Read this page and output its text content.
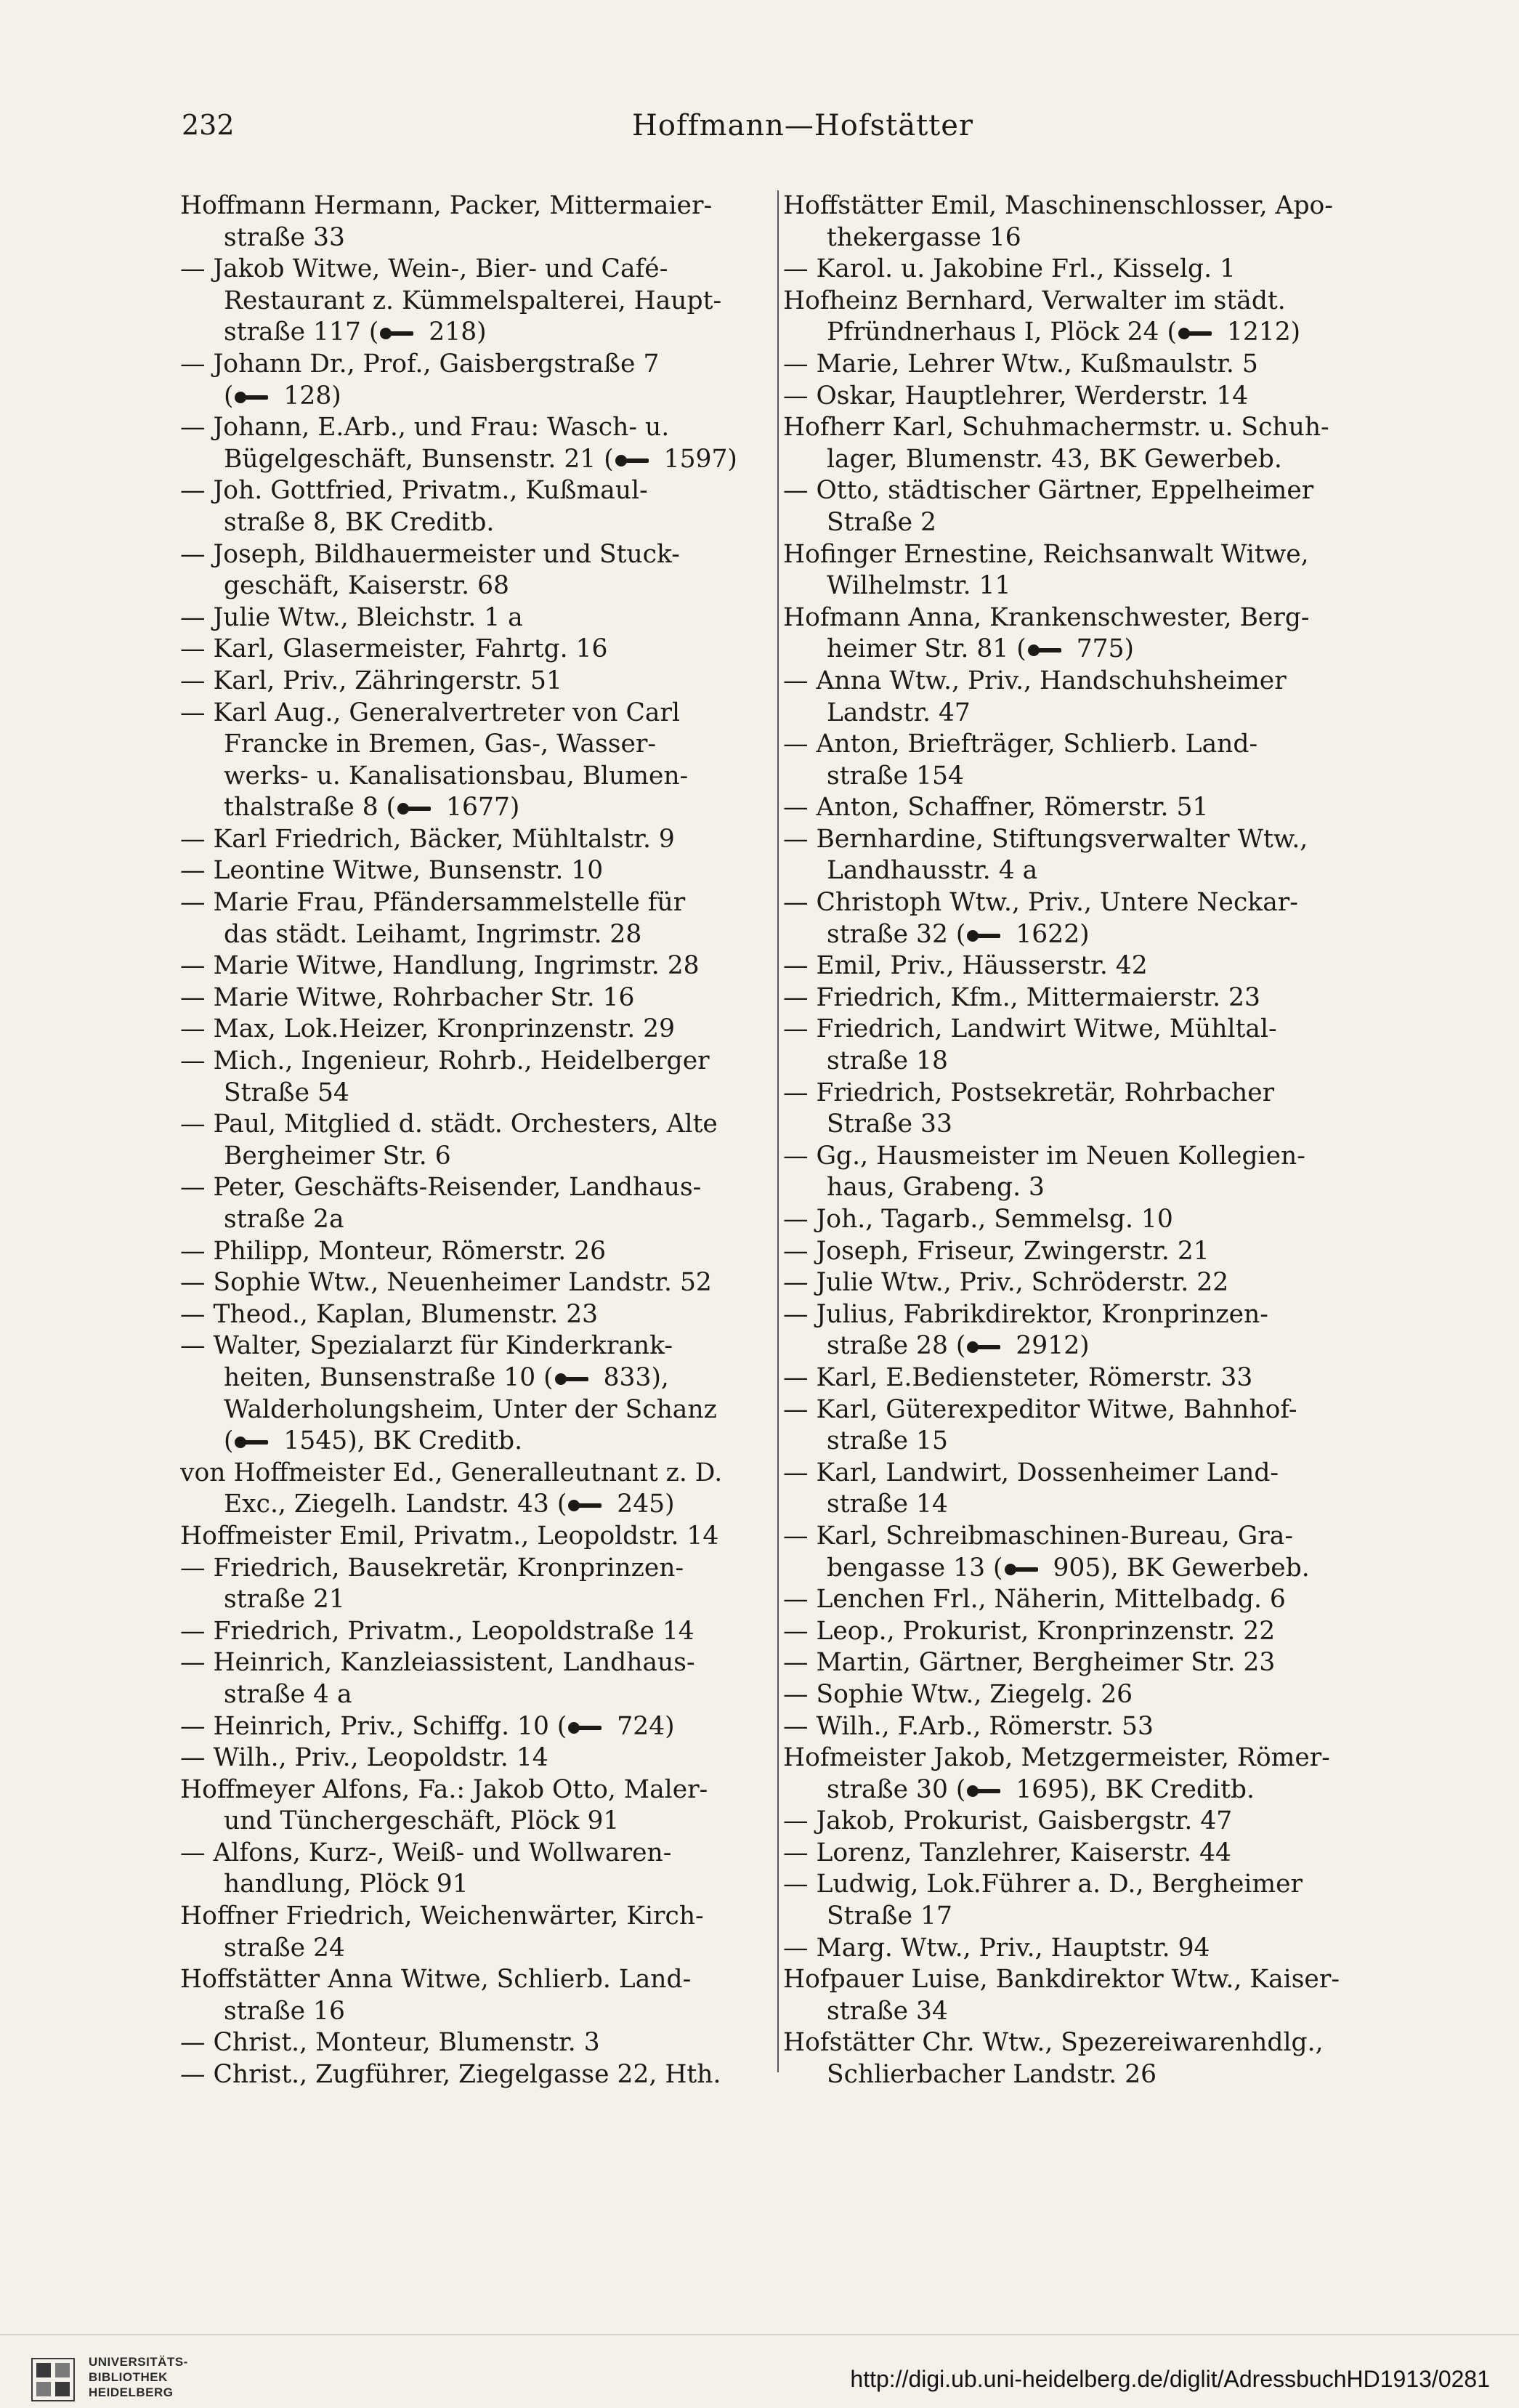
232	Hoffmann—Hofstätter
Hoffmann Hermann, Packer, Mittermaier-
straße 33
— Jakob Witwe, Wein-, Bier- und Café-
Restaurant z. Kümmelspalterei, Haupt-
straße 117 ( 218)
— Johann Dr., Prof., Gaisbergstraße 7
( 128)
— Johann, E.Arb., und Frau: Wasch- u.
Bügelgeschäft, Bunsenstr. 21 ( 1597)
— Joh. Gottfried, Privatm., Kußmaul-
straße 8, BK Creditb.
— Joseph, Bildhauermeister und Stuck-
geschäft, Kaiserstr. 68
— Julie Wtw., Bleichstr. 1 a
— Karl, Glasermeister, Fahrtg. 16
— Karl, Priv., Zähringerstr. 51
— Karl Aug., Generalvertreter von Carl
Francke in Bremen, Gas-, Wasser-
werks- u. Kanalisationsbau, Blumen-
thalstraße 8 ( 1677)
— Karl Friedrich, Bäcker, Mühltalstr. 9
— Leontine Witwe, Bunsenstr. 10
— Marie Frau, Pfändersammelstelle für
das städt. Leihamt, Ingrimstr. 28
— Marie Witwe, Handlung, Ingrimstr. 28
— Marie Witwe, Rohrbacher Str. 16
— Max, Lok.Heizer, Kronprinzenstr. 29
— Mich., Ingenieur, Rohrb., Heidelberger
Straße 54
— Paul, Mitglied d. städt. Orchesters, Alte
Bergheimer Str. 6
— Peter, Geschäfts-Reisender, Landhaus-
straße 2a
— Philipp, Monteur, Römerstr. 26
— Sophie Wtw., Neuenheimer Landstr. 52
— Theod., Kaplan, Blumenstr. 23
— Walter, Spezialarzt für Kinderkrank-
heiten, Bunsenstraße 10 ( 833),
Walderholungsheim, Unter der Schanz
( 1545), BK Creditb.
von Hoffmeister Ed., Generalleutnant z. D.
Exc., Ziegelh. Landstr. 43 ( 245)
Hoffmeister Emil, Privatm., Leopoldstr. 14
— Friedrich, Bausekretär, Kronprinzen-
straße 21
— Friedrich, Privatm., Leopoldstraße 14
— Heinrich, Kanzleiassistent, Landhaus-
straße 4 a
— Heinrich, Priv., Schiffg. 10 ( 724)
— Wilh., Priv., Leopoldstr. 14
Hoffmeyer Alfons, Fa.: Jakob Otto, Maler-
und Tünchergeschäft, Plöck 91
— Alfons, Kurz-, Weiß- und Wollwaren-
handlung, Plöck 91
Hoffner Friedrich, Weichenwärter, Kirch-
straße 24
Hoffstätter Anna Witwe, Schlierb. Land-
straße 16
— Christ., Monteur, Blumenstr. 3
— Christ., Zugführer, Ziegelgasse 22, Hth.
Hoffstätter Emil, Maschinenschlosser, Apo-
thekergasse 16
— Karol. u. Jakobine Frl., Kisselg. 1
Hofheinz Bernhard, Verwalter im städt.
Pfründnerhaus I, Plöck 24 ( 1212)
— Marie, Lehrer Wtw., Kußmaulstr. 5
— Oskar, Hauptlehrer, Werderstr. 14
Hofherr Karl, Schuhmachermstr. u. Schuh-
lager, Blumenstr. 43, BK Gewerbeb.
— Otto, städtischer Gärtner, Eppelheimer
Straße 2
Hofinger Ernestine, Reichsanwalt Witwe,
Wilhelmstr. 11
Hofmann Anna, Krankenschwester, Berg-
heimer Str. 81 ( 775)
— Anna Wtw., Priv., Handschuhsheimer
Landstr. 47
— Anton, Briefträger, Schlierb. Land-
straße 154
— Anton, Schaffner, Römerstr. 51
— Bernhardine, Stiftungsverwalter Wtw.,
Landhausstr. 4 a
— Christoph Wtw., Priv., Untere Neckar-
straße 32 ( 1622)
— Emil, Priv., Häusserstr. 42
— Friedrich, Kfm., Mittermaierstr. 23
— Friedrich, Landwirt Witwe, Mühltal-
straße 18
— Friedrich, Postsekretär, Rohrbacher
Straße 33
— Gg., Hausmeister im Neuen Kollegien-
haus, Grabeng. 3
— Joh., Tagarb., Semmelsg. 10
— Joseph, Friseur, Zwingerstr. 21
— Julie Wtw., Priv., Schröderstr. 22
— Julius, Fabrikdirektor, Kronprinzen-
straße 28 ( 2912)
— Karl, E.Bediensteter, Römerstr. 33
— Karl, Güterexpeditor Witwe, Bahnhof-
straße 15
— Karl, Landwirt, Dossenheimer Land-
straße 14
— Karl, Schreibmaschinen-Bureau, Gra-
bengasse 13 ( 905), BK Gewerbeb.
— Lenchen Frl., Näherin, Mittelbadg. 6
— Leop., Prokurist, Kronprinzenstr. 22
— Martin, Gärtner, Bergheimer Str. 23
— Sophie Wtw., Ziegelg. 26
— Wilh., F.Arb., Römerstr. 53
Hofmeister Jakob, Metzgermeister, Römer-
straße 30 ( 1695), BK Creditb.
— Jakob, Prokurist, Gaisbergstr. 47
— Lorenz, Tanzlehrer, Kaiserstr. 44
— Ludwig, Lok.Führer a. D., Bergheimer
Straße 17
— Marg. Wtw., Priv., Hauptstr. 94
Hofpauer Luise, Bankdirektor Wtw., Kaiser-
straße 34
Hofstätter Chr. Wtw., Spezereiwarenhdlg.,
Schlierbacher Landstr. 26
UNIVERSITÄTS-
BIBLIOTHEK
HEIDELBERG
http://digi.ub.uni-heidelberg.de/diglit/AdressbuchHD1913/0281
